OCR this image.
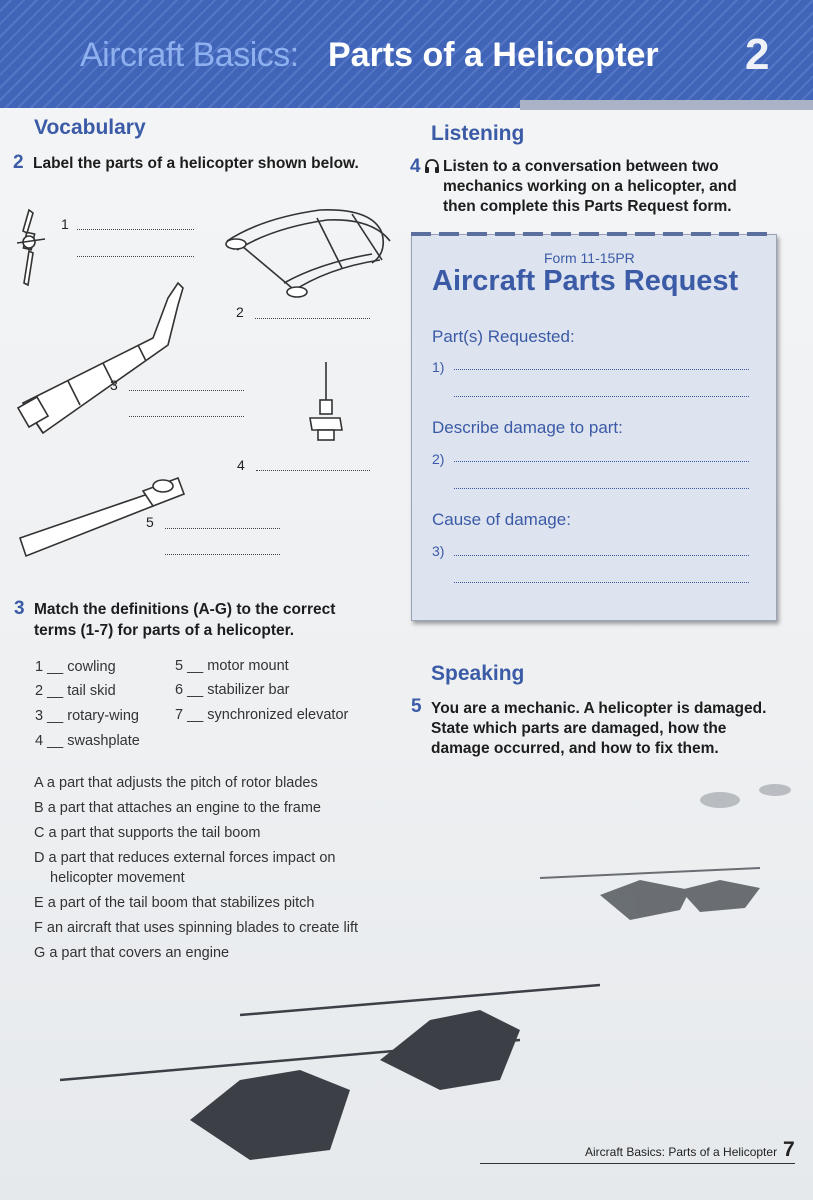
Aircraft Basics: Parts of a Helicopter 2
Vocabulary
2 Label the parts of a helicopter shown below.
1
2
3
4
5
3 Match the definitions (A-G) to the correct
terms (1-7) for parts of a helicopter.
1 __ cowling
2 __ tail skid
3 __ rotary-wing
4 __ swashplate
5 __ motor mount
6 __ stabilizer bar
7 __ synchronized elevator
A a part that adjusts the pitch of rotor blades
B a part that attaches an engine to the frame
C a part that supports the tail boom
D a part that reduces external forces impact on
helicopter movement
E a part of the tail boom that stabilizes pitch
F an aircraft that uses spinning blades to create lift
G a part that covers an engine
Listening
4 Listen to a conversation between two
mechanics working on a helicopter, and
then complete this Parts Request form.
Form 11-15PR
Aircraft Parts Request
Part(s) Requested:
1)
Describe damage to part:
2)
Cause of damage:
3)
Speaking
5 You are a mechanic. A helicopter is damaged.
State which parts are damaged, how the
damage occurred, and how to fix them.
Aircraft Basics: Parts of a Helicopter 7
